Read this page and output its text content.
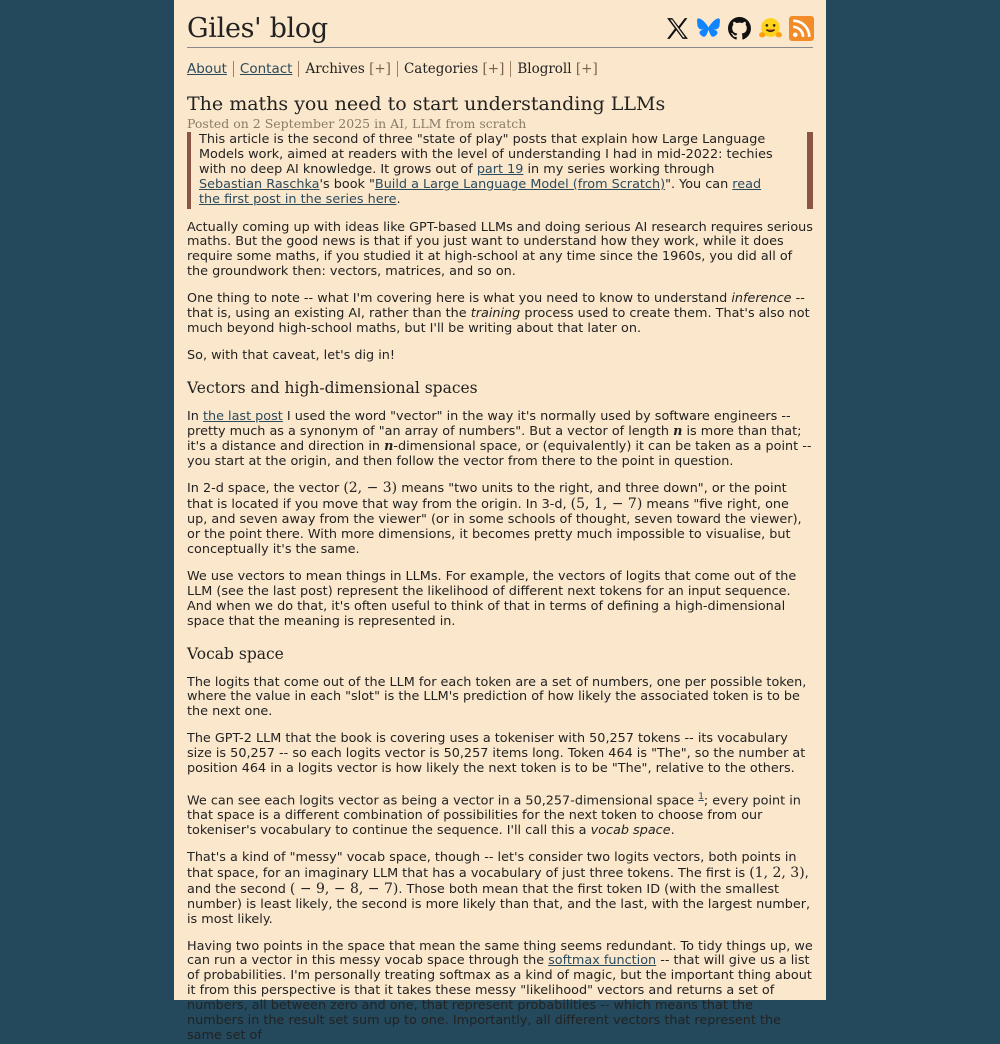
Giles' blog
About Contact Archives [+] Categories [+] Blogroll [+]
The maths you need to start understanding LLMs
Posted on 2 September 2025 in AI, LLM from scratch

This article is the second of three "state of play" posts that explain how Large Language Models work, aimed at readers with the level of understanding I had in mid-2022: techies with no deep AI knowledge. It grows out of part 19 in my series working through Sebastian Raschka's book "Build a Large Language Model (from Scratch)". You can read the first post in the series here.

Actually coming up with ideas like GPT-based LLMs and doing serious AI research requires serious maths. But the good news is that if you just want to understand how they work, while it does require some maths, if you studied it at high-school at any time since the 1960s, you did all of the groundwork then: vectors, matrices, and so on.

One thing to note -- what I'm covering here is what you need to know to understand inference -- that is, using an existing AI, rather than the training process used to create them. That's also not much beyond high-school maths, but I'll be writing about that later on.

So, with that caveat, let's dig in!

Vectors and high-dimensional spaces

In the last post I used the word "vector" in the way it's normally used by software engineers -- pretty much as a synonym of "an array of numbers". But a vector of length n is more than that; it's a distance and direction in n-dimensional space, or (equivalently) it can be taken as a point -- you start at the origin, and then follow the vector from there to the point in question.

In 2-d space, the vector (2, − 3) means "two units to the right, and three down", or the point that is located if you move that way from the origin. In 3-d, (5, 1, − 7) means "five right, one up, and seven away from the viewer" (or in some schools of thought, seven toward the viewer), or the point there. With more dimensions, it becomes pretty much impossible to visualise, but conceptually it's the same.

We use vectors to mean things in LLMs. For example, the vectors of logits that come out of the LLM (see the last post) represent the likelihood of different next tokens for an input sequence. And when we do that, it's often useful to think of that in terms of defining a high-dimensional space that the meaning is represented in.

Vocab space

The logits that come out of the LLM for each token are a set of numbers, one per possible token, where the value in each "slot" is the LLM's prediction of how likely the associated token is to be the next one.

The GPT-2 LLM that the book is covering uses a tokeniser with 50,257 tokens -- its vocabulary size is 50,257 -- so each logits vector is 50,257 items long. Token 464 is "The", so the number at position 464 in a logits vector is how likely the next token is to be "The", relative to the others.

We can see each logits vector as being a vector in a 50,257-dimensional space $^1$; every point in that space is a different combination of possibilities for the next token to choose from our tokeniser's vocabulary to continue the sequence. I'll call this a vocab space.

That's a kind of "messy" vocab space, though -- let's consider two logits vectors, both points in that space, for an imaginary LLM that has a vocabulary of just three tokens. The first is (1, 2, 3), and the second ( − 9, − 8, − 7). Those both mean that the first token ID (with the smallest number) is least likely, the second is more likely than that, and the last, with the largest number, is most likely.

Having two points in the space that mean the same thing seems redundant. To tidy things up, we can run a vector in this messy vocab space through the softmax function -- that will give us a list of probabilities. I'm personally treating softmax as a kind of magic, but the important thing about it from this perspective is that it takes these messy "likelihood" vectors and returns a set of numbers, all between zero and one, that represent probabilities -- which means that the numbers in the result set sum up to one. Importantly, all different vectors that represent the same set of
